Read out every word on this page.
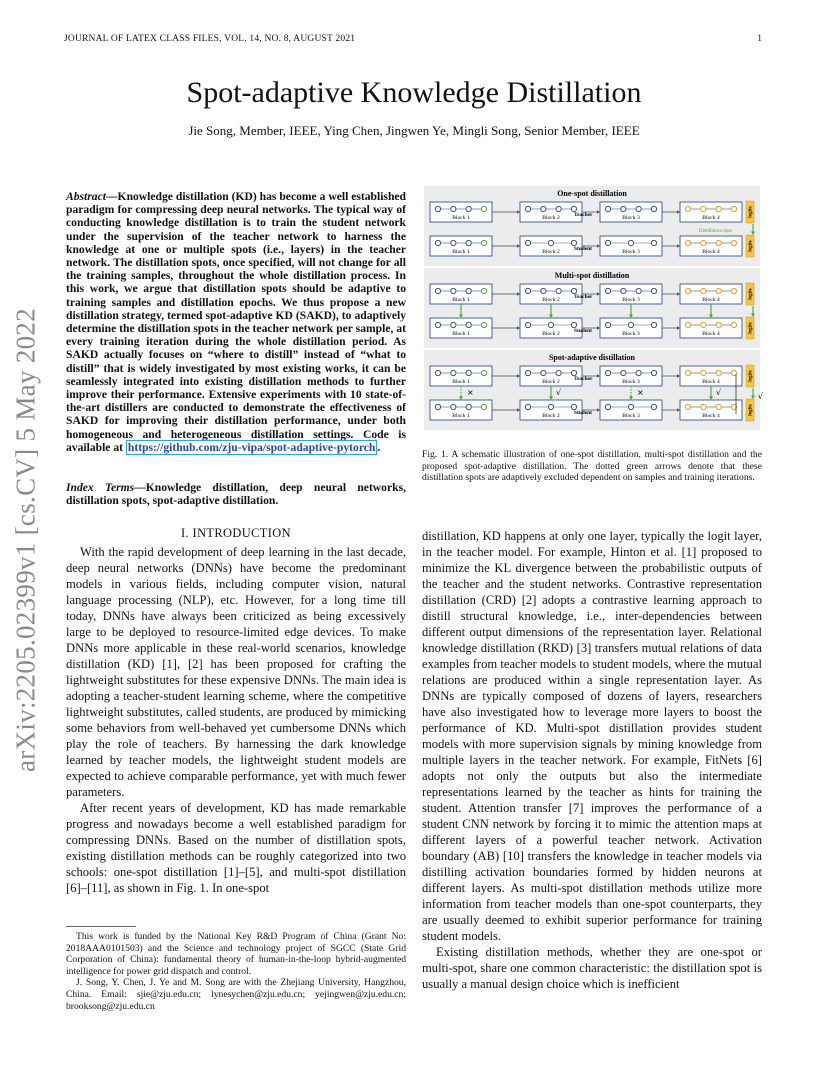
JOURNAL OF LATEX CLASS FILES, VOL. 14, NO. 8, AUGUST 2021	1
Spot-adaptive Knowledge Distillation
Jie Song, Member, IEEE, Ying Chen, Jingwen Ye, Mingli Song, Senior Member, IEEE
arXiv:2205.02399v1 [cs.CV] 5 May 2022
Abstract—Knowledge distillation (KD) has become a well established paradigm for compressing deep neural networks. The typical way of conducting knowledge distillation is to train the student network under the supervision of the teacher network to harness the knowledge at one or multiple spots (i.e., layers) in the teacher network. The distillation spots, once specified, will not change for all the training samples, throughout the whole distillation process. In this work, we argue that distillation spots should be adaptive to training samples and distillation epochs. We thus propose a new distillation strategy, termed spot-adaptive KD (SAKD), to adaptively determine the distillation spots in the teacher network per sample, at every training iteration during the whole distillation period. As SAKD actually focuses on “where to distill” instead of “what to distill” that is widely investigated by most existing works, it can be seamlessly integrated into existing distillation methods to further improve their performance. Extensive experiments with 10 state-of-the-art distillers are conducted to demonstrate the effectiveness of SAKD for improving their distillation performance, under both homogeneous and heterogeneous distillation settings. Code is available at https://github.com/zju-vipa/spot-adaptive-pytorch .
Index Terms—Knowledge distillation, deep neural networks, distillation spots, spot-adaptive distillation.
I. INTRODUCTION

With the rapid development of deep learning in the last decade, deep neural networks (DNNs) have become the predominant models in various fields, including computer vision, natural language processing (NLP), etc. However, for a long time till today, DNNs have always been criticized as being excessively large to be deployed to resource-limited edge devices. To make DNNs more applicable in these real-world scenarios, knowledge distillation (KD) [1], [2] has been proposed for crafting the lightweight substitutes for these expensive DNNs. The main idea is adopting a teacher-student learning scheme, where the competitive lightweight substitutes, called students, are produced by mimicking some behaviors from well-behaved yet cumbersome DNNs which play the role of teachers. By harnessing the dark knowledge learned by teacher models, the lightweight student models are expected to achieve comparable performance, yet with much fewer parameters.

After recent years of development, KD has made remarkable progress and nowadays become a well established paradigm for compressing DNNs. Based on the number of distillation spots, existing distillation methods can be roughly categorized into two schools: one-spot distillation [1]–[5], and multi-spot distillation [6]–[11], as shown in Fig. 1. In one-spot

This work is funded by the National Key R&D Program of China (Grant No: 2018AAA0101503) and the Science and technology project of SGCC (State Grid Corporation of China): fundamental theory of human-in-the-loop hybrid-augmented intelligence for power grid dispatch and control.

J. Song, Y. Chen, J. Ye and M. Song are with the Zhejiang University, Hangzhou, China. Email: sjie@zju.edu.cn; lynesychen@zju.edu.cn; yejingwen@zju.edu.cn; brooksong@zju.edu.cn

One-spot distillation
Block 1	Block 2	Block 3	Block 4
logits
Teacher
Block 1	Block 2	Block 3	Block 4
logits
Student
Distillation spot
Multi-spot distillation
Block 1	Block 2	Block 3	Block 4
logits
Teacher
Block 1	Block 2	Block 3	Block 4
logits
Student
Spot-adaptive distillation
Block 1	Block 2	Block 3	Block 4
logits
Teacher
Block 1	Block 2	Block 3	Block 4
logits
Student
×	√	×	√	√
Fig. 1. A schematic illustration of one-spot distillation, multi-spot distillation and the proposed spot-adaptive distillation. The dotted green arrows denote that these distillation spots are adaptively excluded dependent on samples and training iterations.

distillation, KD happens at only one layer, typically the logit layer, in the teacher model. For example, Hinton et al. [1] proposed to minimize the KL divergence between the probabilistic outputs of the teacher and the student networks. Contrastive representation distillation (CRD) [2] adopts a contrastive learning approach to distill structural knowledge, i.e., inter-dependencies between different output dimensions of the representation layer. Relational knowledge distillation (RKD) [3] transfers mutual relations of data examples from teacher models to student models, where the mutual relations are produced within a single representation layer. As DNNs are typically composed of dozens of layers, researchers have also investigated how to leverage more layers to boost the performance of KD. Multi-spot distillation provides student models with more supervision signals by mining knowledge from multiple layers in the teacher network. For example, FitNets [6] adopts not only the outputs but also the intermediate representations learned by the teacher as hints for training the student. Attention transfer [7] improves the performance of a student CNN network by forcing it to mimic the attention maps at different layers of a powerful teacher network. Activation boundary (AB) [10] transfers the knowledge in teacher models via distilling activation boundaries formed by hidden neurons at different layers. As multi-spot distillation methods utilize more information from teacher models than one-spot counterparts, they are usually deemed to exhibit superior performance for training student models.

Existing distillation methods, whether they are one-spot or multi-spot, share one common characteristic: the distillation spot is usually a manual design choice which is inefficient
